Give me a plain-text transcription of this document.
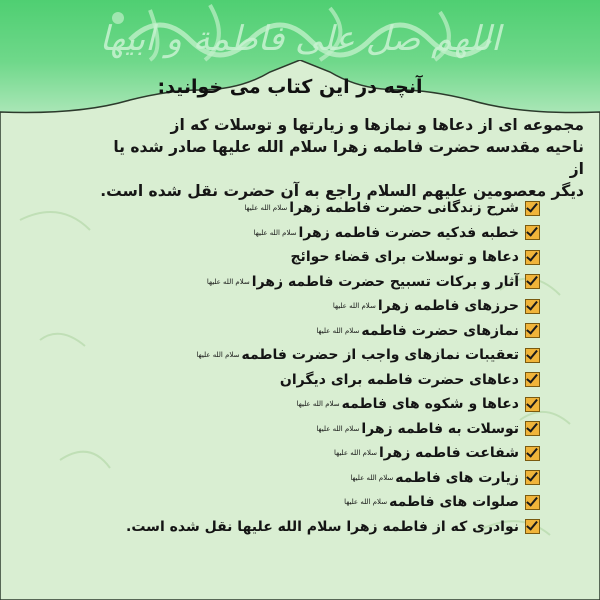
اللهم صل علی فاطمة و ابیها
آنچه در این کتاب می خوانید:

مجموعه ای از دعاها و نمازها و زیارتها و توسلات که از

ناحیه مقدسه حضرت فاطمه زهرا سلام الله علیها صادر شده یا از

دیگر معصومین علیهم السلام راجع به آن حضرت نقل شده است.

شرح زندگانی حضرت فاطمه زهرا
سلام الله علیها
خطبه فدکیه حضرت فاطمه زهرا
سلام الله علیها
دعاها و توسلات برای قضاء حوائج
آثار و برکات تسبیح حضرت فاطمه زهرا
سلام الله علیها
حرزهای فاطمه زهرا
سلام الله علیها
نمازهای حضرت فاطمه
سلام الله علیها
تعقیبات نمازهای واجب از حضرت فاطمه
سلام الله علیها
دعاهای حضرت فاطمه برای دیگران
دعاها و شکوه های فاطمه
سلام الله علیها
توسلات به فاطمه زهرا
سلام الله علیها
شفاعت فاطمه زهرا
سلام الله علیها
زیارت های فاطمه
سلام الله علیها
صلوات های فاطمه
سلام الله علیها
نوادری که از فاطمه زهرا سلام الله علیها نقل شده است.
